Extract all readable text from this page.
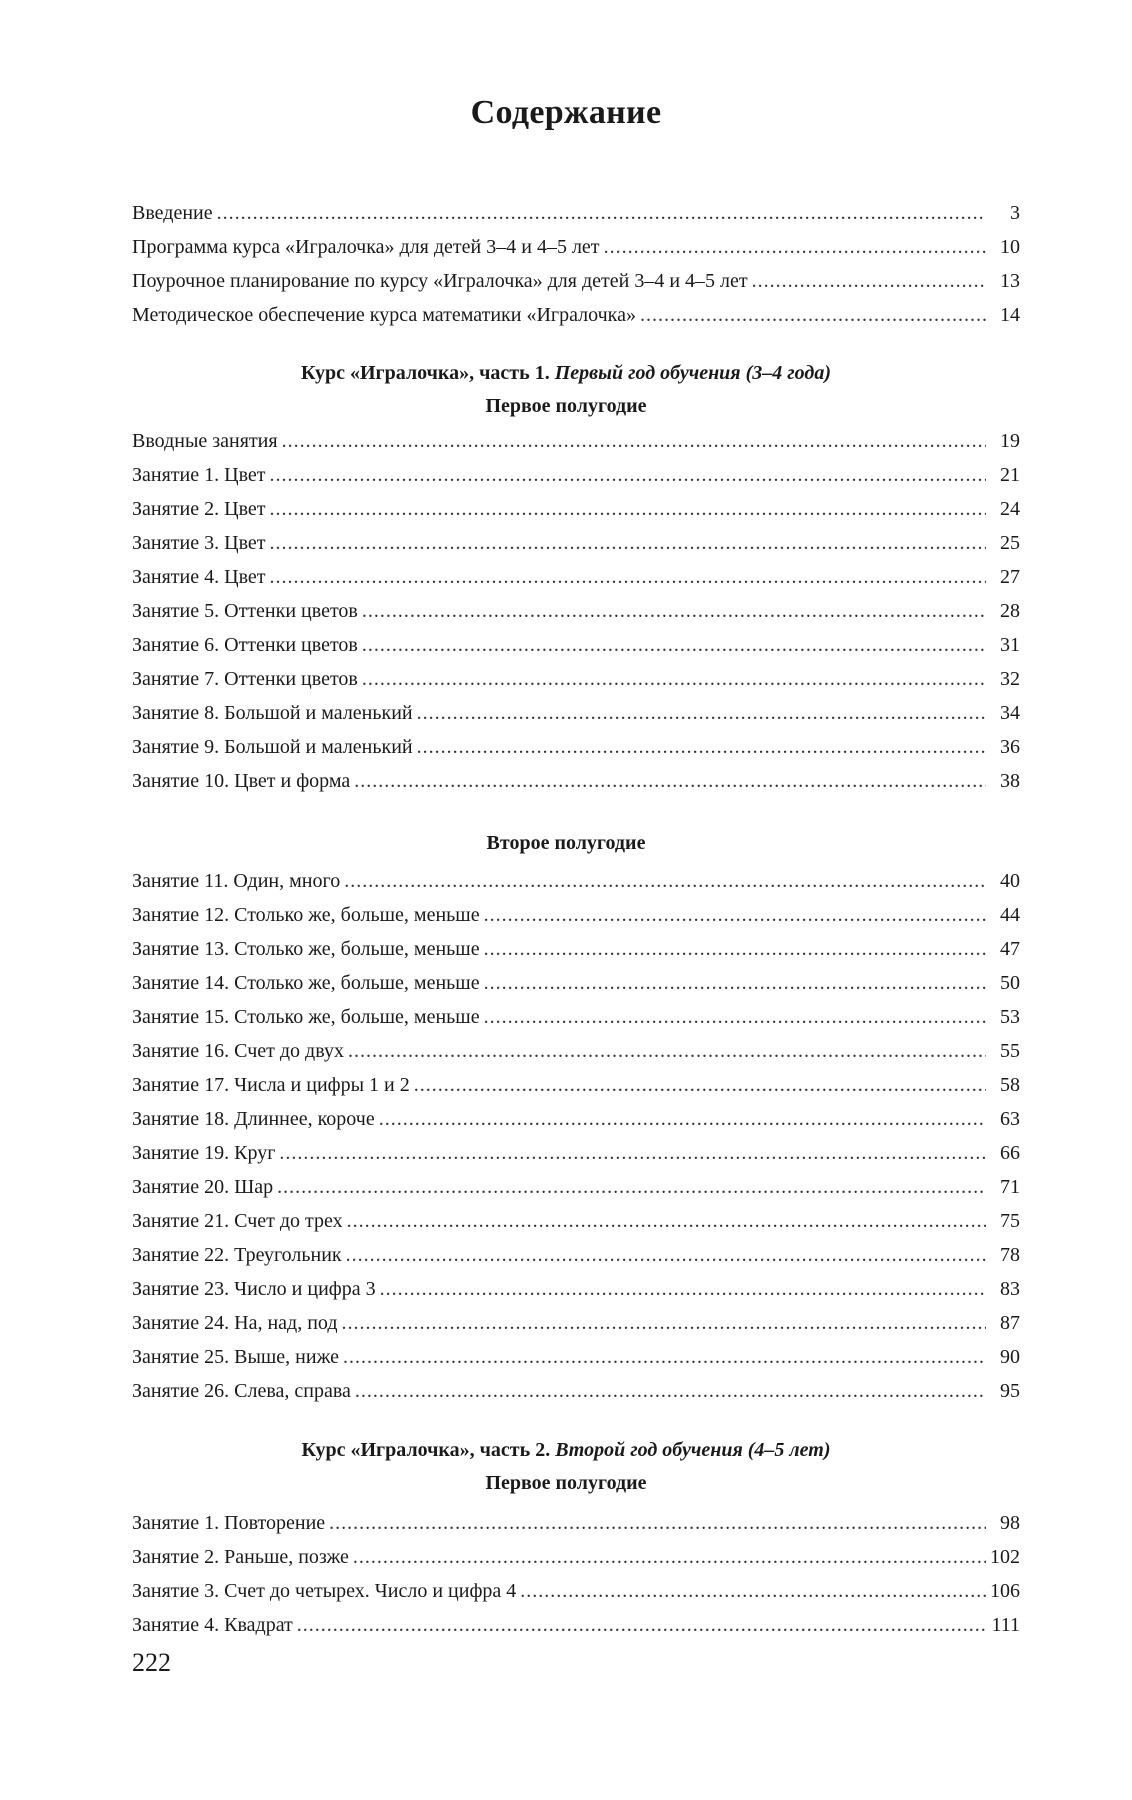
Содержание
Введение .....	3
Программа курса «Игралочка» для детей 3–4 и 4–5 лет .....	10
Поурочное планирование по курсу «Игралочка» для детей 3–4 и 4–5 лет .....	13
Методическое обеспечение курса математики «Игралочка» .....	14
Курс «Игралочка», часть 1. Первый год обучения (3–4 года)
Первое полугодие
Вводные занятия .....	19
Занятие 1. Цвет .....	21
Занятие 2. Цвет .....	24
Занятие 3. Цвет .....	25
Занятие 4. Цвет .....	27
Занятие 5. Оттенки цветов .....	28
Занятие 6. Оттенки цветов .....	31
Занятие 7. Оттенки цветов .....	32
Занятие 8. Большой и маленький .....	34
Занятие 9. Большой и маленький .....	36
Занятие 10. Цвет и форма .....	38
Второе полугодие
Занятие 11. Один, много .....	40
Занятие 12. Столько же, больше, меньше .....	44
Занятие 13. Столько же, больше, меньше .....	47
Занятие 14. Столько же, больше, меньше .....	50
Занятие 15. Столько же, больше, меньше .....	53
Занятие 16. Счет до двух .....	55
Занятие 17. Числа и цифры 1 и 2 .....	58
Занятие 18. Длиннее, короче .....	63
Занятие 19. Круг .....	66
Занятие 20. Шар .....	71
Занятие 21. Счет до трех .....	75
Занятие 22. Треугольник .....	78
Занятие 23. Число и цифра 3 .....	83
Занятие 24. На, над, под .....	87
Занятие 25. Выше, ниже .....	90
Занятие 26. Слева, справа .....	95
Курс «Игралочка», часть 2. Второй год обучения (4–5 лет)
Первое полугодие
Занятие 1. Повторение .....	98
Занятие 2. Раньше, позже .....	102
Занятие 3. Счет до четырех. Число и цифра 4 .....	106
Занятие 4. Квадрат .....	111
222
